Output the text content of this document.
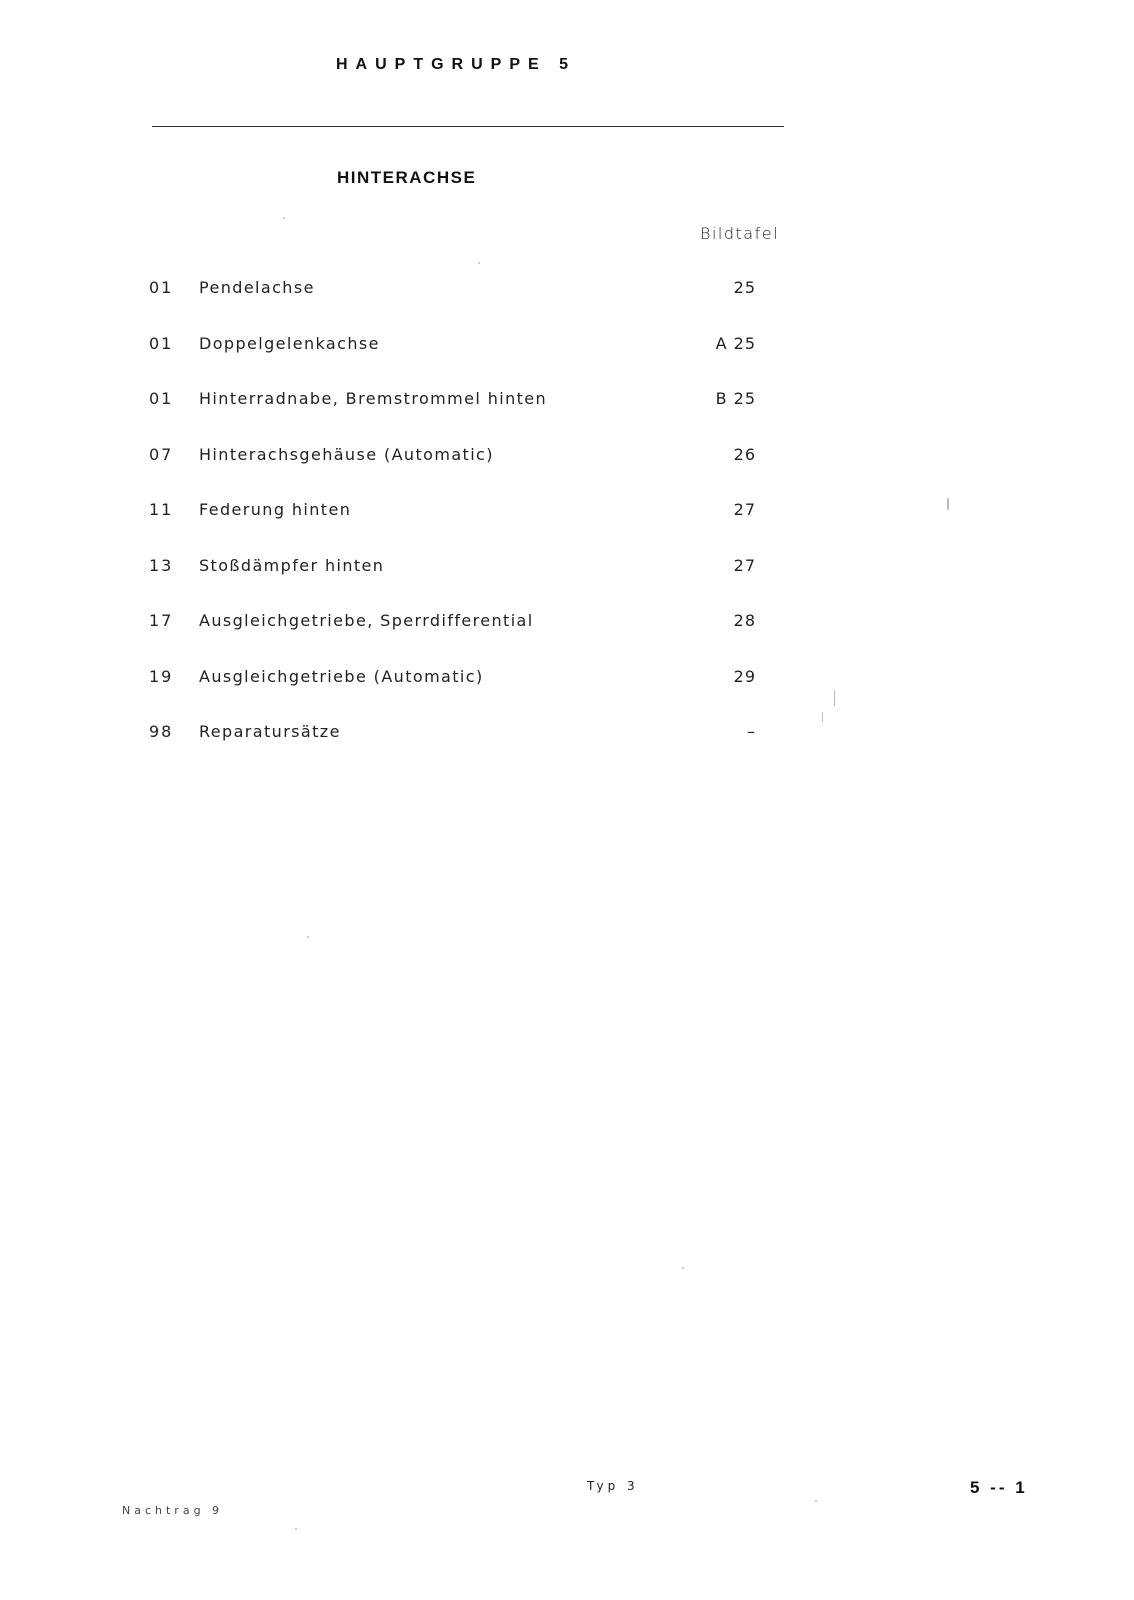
HAUPTGRUPPE 5
HINTERACHSE
Bildtafel
01 Pendelachse	25
01 Doppelgelenkachse	A 25
01 Hinterradnabe, Bremstrommel hinten	B 25
07 Hinterachsgehäuse (Automatic)	26
11 Federung hinten	27
13 Stoßdämpfer hinten	27
17 Ausgleichgetriebe, Sperrdifferential	28
19 Ausgleichgetriebe (Automatic)	29
98 Reparatursätze	–
Typ 3
Nachtrag 9
5 -- 1
